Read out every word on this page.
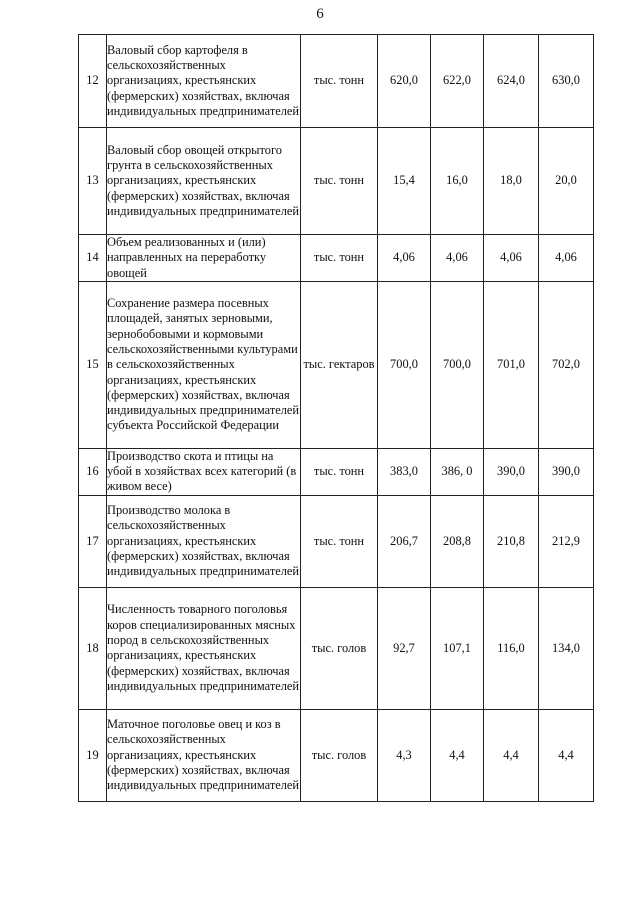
6
12	Валовый сбор картофеля в сельскохозяйственных организациях, крестьянских (фермерских) хозяйствах, включая индивидуальных предпринимателей	тыс. тонн	620,0	622,0	624,0	630,0
13	Валовый сбор овощей открытого грунта в сельскохозяйственных организациях, крестьянских (фермерских) хозяйствах, включая индивидуальных предпринимателей	тыс. тонн	15,4	16,0	18,0	20,0
14	Объем реализованных и (или) направленных на переработку овощей	тыс. тонн	4,06	4,06	4,06	4,06
15	Сохранение размера посевных площадей, занятых зерновыми, зернобобовыми и кормовыми сельскохозяйственными культурами в сельскохозяйственных организациях, крестьянских (фермерских) хозяйствах, включая индивидуальных предпринимателей субъекта Российской Федерации	тыс. гектаров	700,0	700,0	701,0	702,0
16	Производство скота и птицы на убой в хозяйствах всех категорий (в живом весе)	тыс. тонн	383,0	386, 0	390,0	390,0
17	Производство молока в сельскохозяйственных организациях, крестьянских (фермерских) хозяйствах, включая индивидуальных предпринимателей	тыс. тонн	206,7	208,8	210,8	212,9
18	Численность товарного поголовья коров специализированных мясных пород в сельскохозяйственных организациях, крестьянских (фермерских) хозяйствах, включая индивидуальных предпринимателей	тыс. голов	92,7	107,1	116,0	134,0
19	Маточное поголовье овец и коз в сельскохозяйственных организациях, крестьянских (фермерских) хозяйствах, включая индивидуальных предпринимателей	тыс. голов	4,3	4,4	4,4	4,4
